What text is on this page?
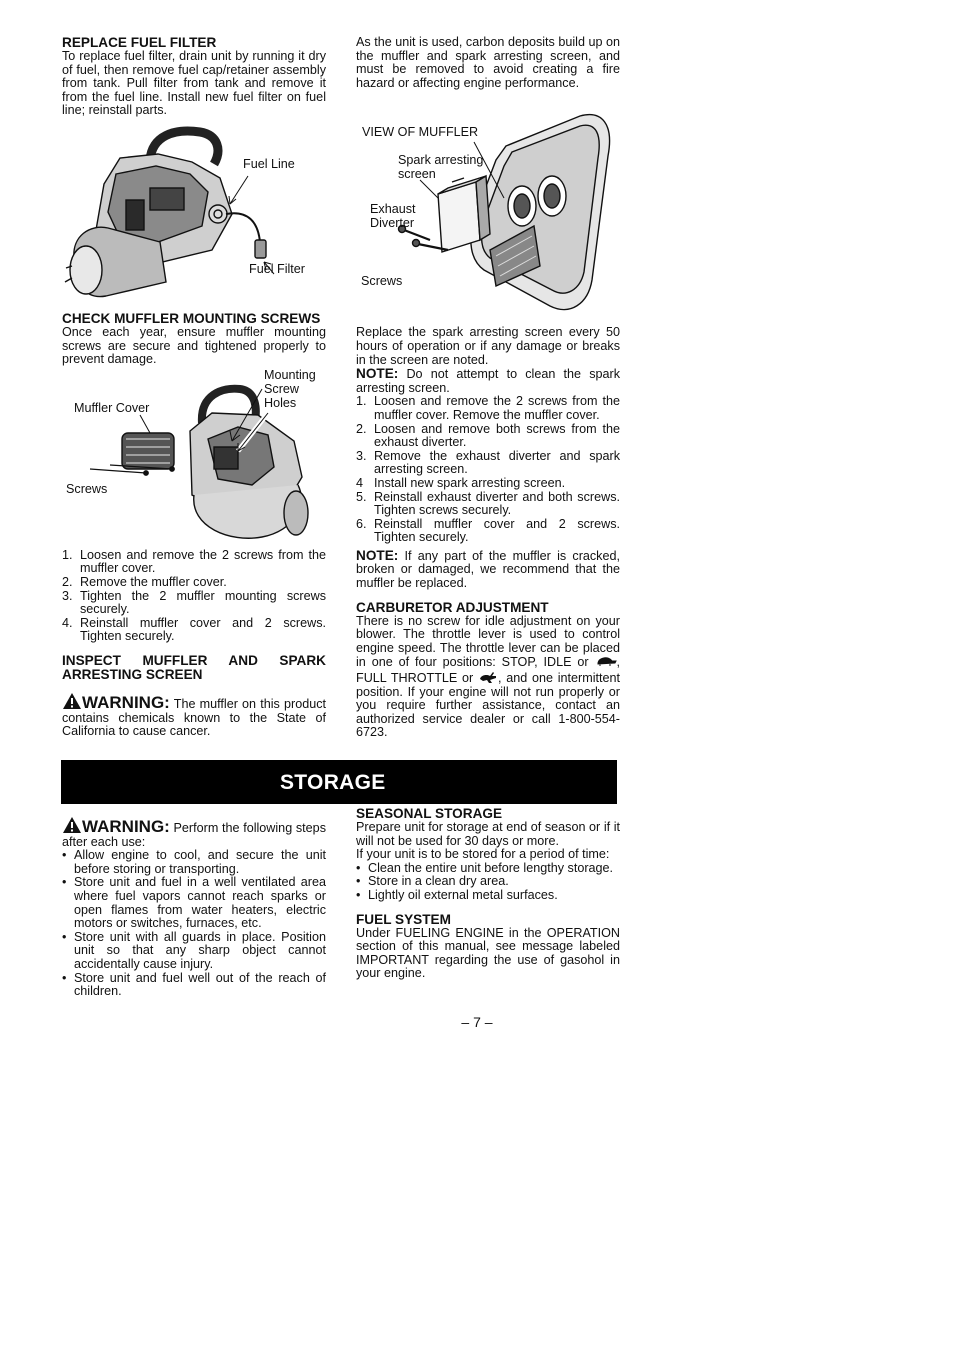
REPLACE FUEL FILTER

To replace fuel filter, drain unit by running it dry of fuel, then remove fuel cap/retainer assembly from tank. Pull filter from tank and remove it from the fuel line. Install new fuel filter on fuel line; reinstall parts.

Fuel Line
Fuel Filter
CHECK MUFFLER MOUNTING SCREWS

Once each year, ensure muffler mounting screws are secure and tightened properly to prevent damage.

Mounting
Screw
Holes
Muffler Cover
Screws
1. Loosen and remove the 2 screws from the muffler cover.
2. Remove the muffler cover.
3. Tighten the 2 muffler mounting screws securely.
4. Reinstall muffler cover and 2 screws. Tighten securely.
INSPECT MUFFLER AND SPARK ARRESTING SCREEN

WARNING: The muffler on this product contains chemicals known to the State of California to cause cancer.

As the unit is used, carbon deposits build up on the muffler and spark arresting screen, and must be removed to avoid creating a fire hazard or affecting engine performance.

VIEW OF MUFFLER
Spark arresting
screen
Exhaust
Diverter
Screws

Replace the spark arresting screen every 50 hours of operation or if any damage or breaks in the screen are noted.

NOTE: Do not attempt to clean the spark arresting screen.

1. Loosen and remove the 2 screws from the muffler cover. Remove the muffler cover.
2. Loosen and remove both screws from the exhaust diverter.
3. Remove the exhaust diverter and spark arresting screen.
4 Install new spark arresting screen.
5. Reinstall exhaust diverter and both screws. Tighten screws securely.
6. Reinstall muffler cover and 2 screws. Tighten securely.

NOTE: If any part of the muffler is cracked, broken or damaged, we recommend that the muffler be replaced.

CARBURETOR ADJUSTMENT

There is no screw for idle adjustment on your blower. The throttle lever is used to control engine speed. The throttle lever can be placed in one of four positions: STOP, IDLE or , FULL THROTTLE or , and one intermittent position. If your engine will not run properly or you require further assistance, contact an authorized service dealer or call 1-800-554-6723.

STORAGE

WARNING: Perform the following steps after each use:

• Allow engine to cool, and secure the unit before storing or transporting.
• Store unit and fuel in a well ventilated area where fuel vapors cannot reach sparks or open flames from water heaters, electric motors or switches, furnaces, etc.
• Store unit with all guards in place. Position unit so that any sharp object cannot accidentally cause injury.
• Store unit and fuel well out of the reach of children.
SEASONAL STORAGE

Prepare unit for storage at end of season or if it will not be used for 30 days or more.

If your unit is to be stored for a period of time:

• Clean the entire unit before lengthy storage.
• Store in a clean dry area.
• Lightly oil external metal surfaces.
FUEL SYSTEM

Under FUELING ENGINE in the OPERATION section of this manual, see message labeled IMPORTANT regarding the use of gasohol in your engine.

– 7 –
